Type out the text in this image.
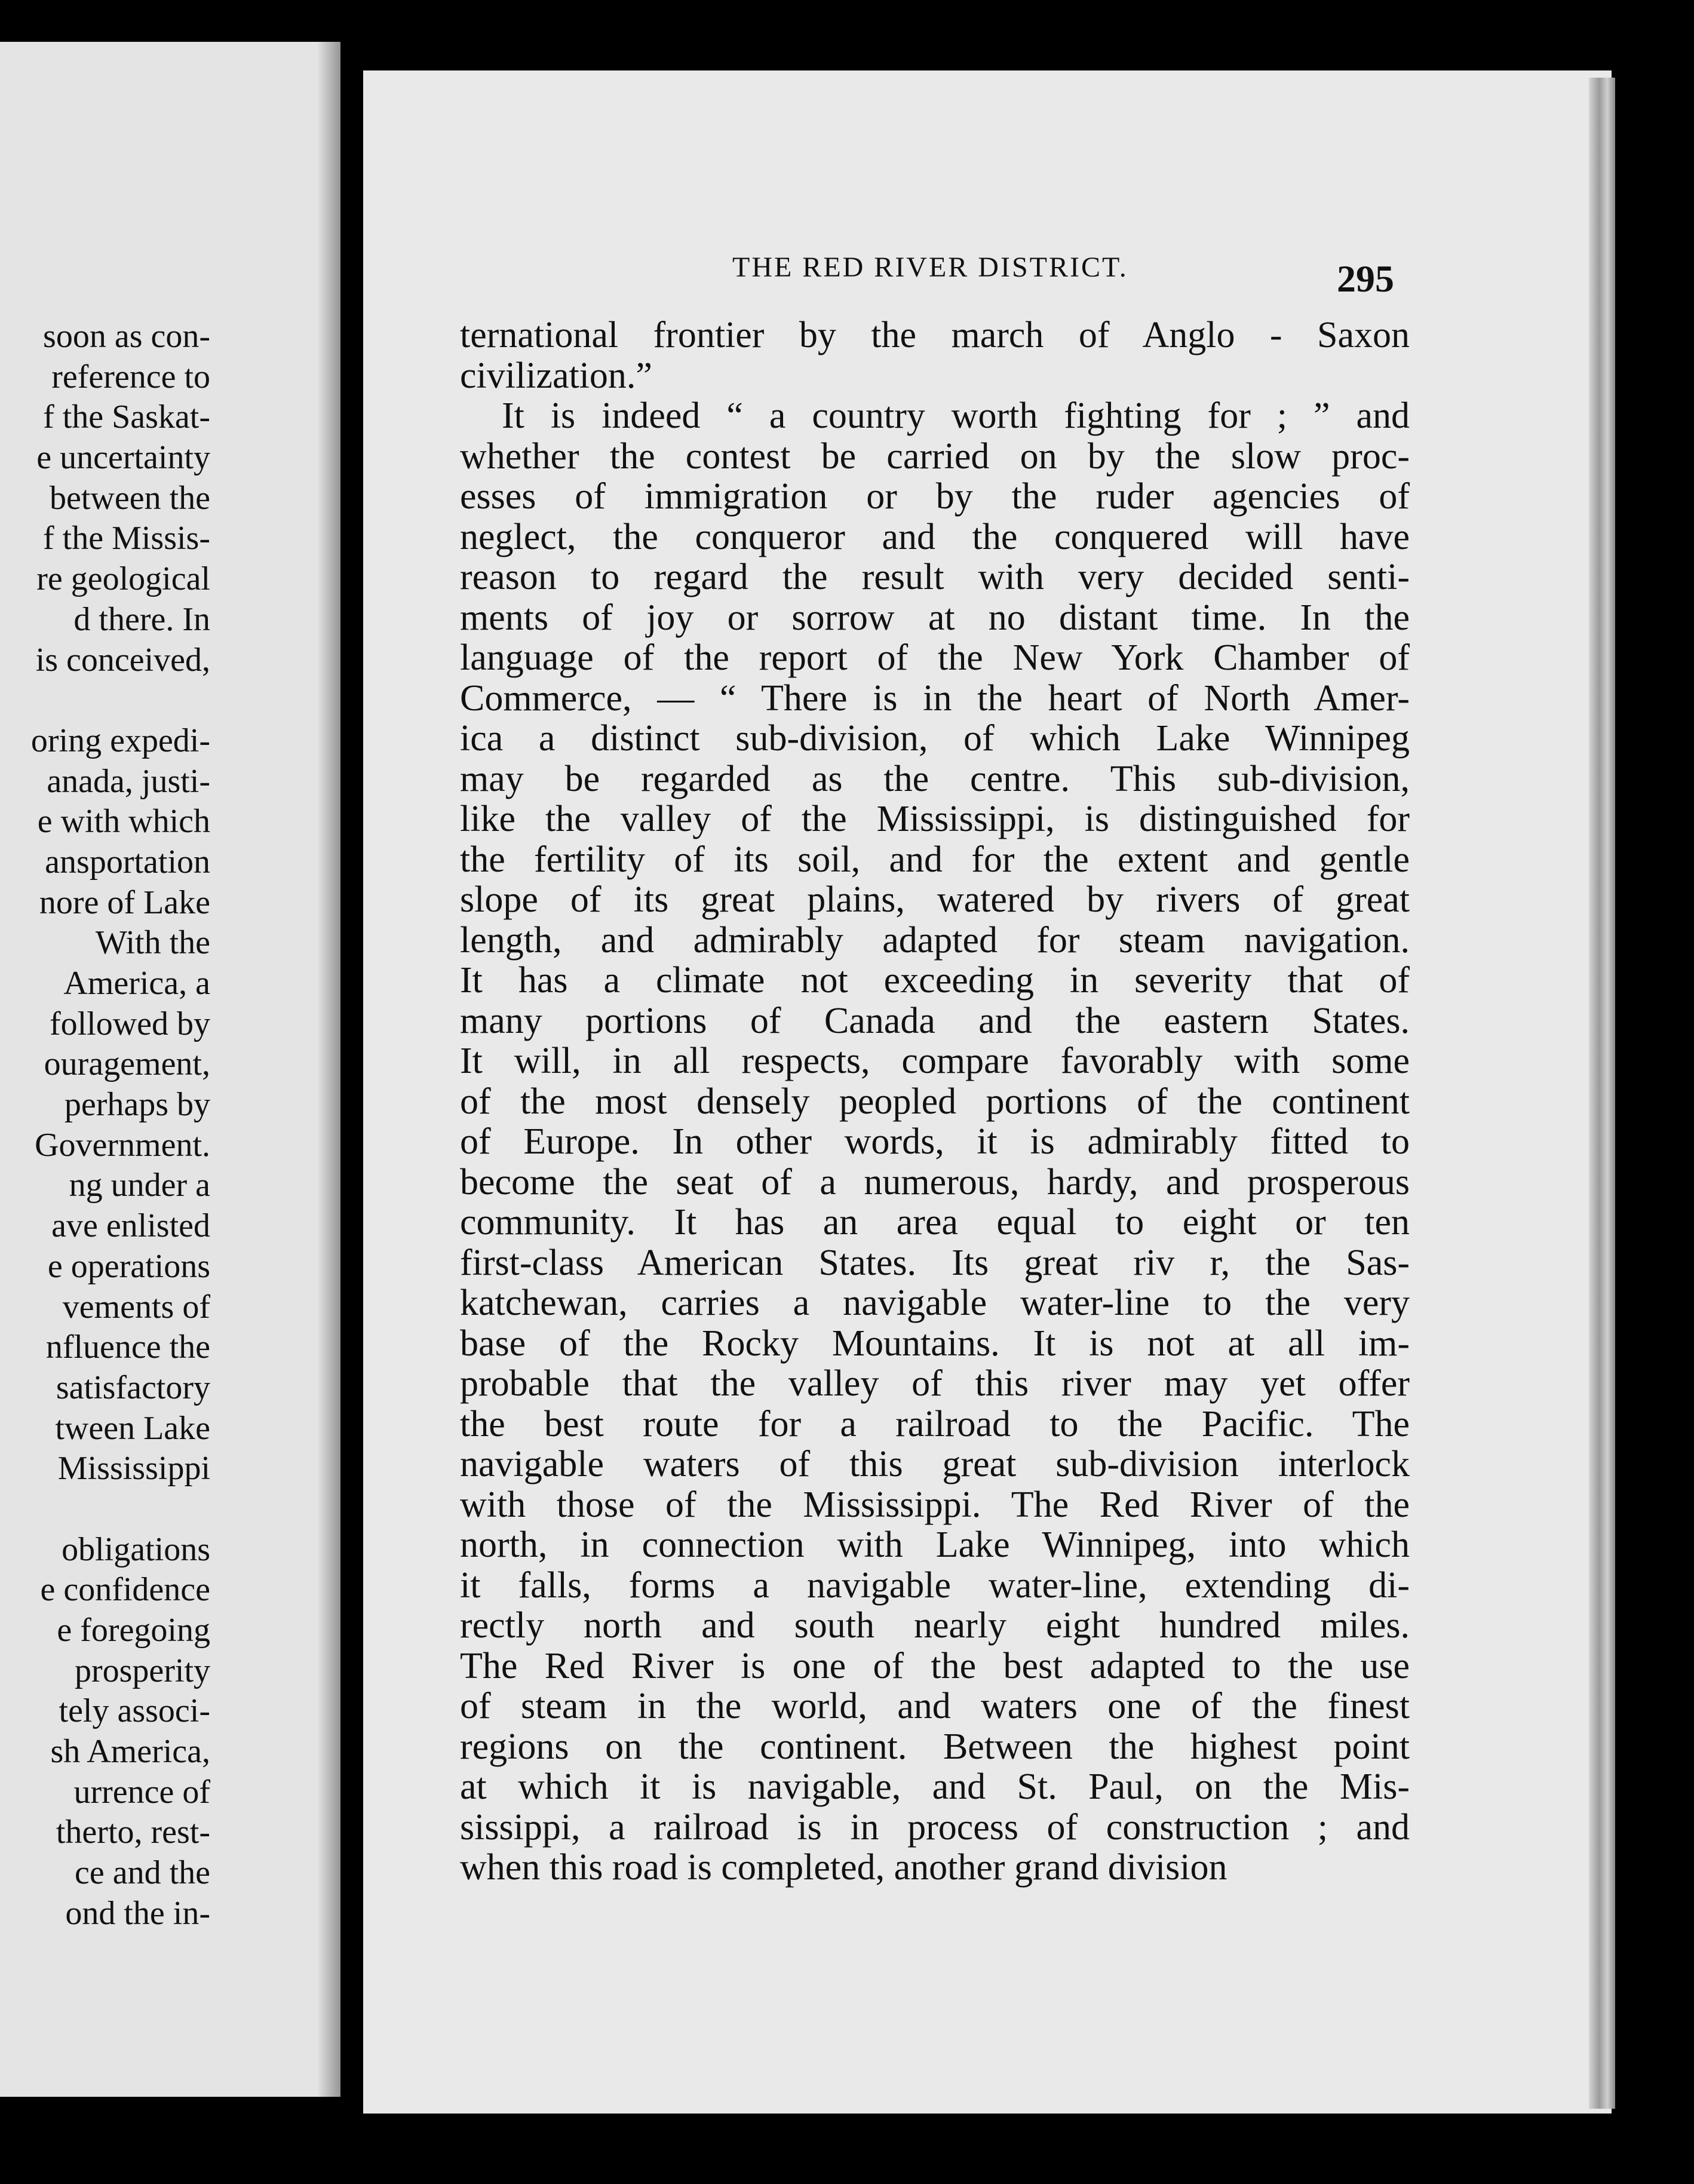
soon as con-
reference to
f the Saskat-
e uncertainty
between the
f the Missis-
re geological
d there. In
is conceived,
oring expedi-
anada, justi-
e with which
ansportation
nore of Lake
With the
America, a
followed by
ouragement,
perhaps by
Government.
ng under a
ave enlisted
e operations
vements of
nfluence the
satisfactory
tween Lake
Mississippi
obligations
e confidence
e foregoing
prosperity
tely associ-
sh America,
urrence of
therto, rest-
ce and the
ond the in-
THE RED RIVER DISTRICT.	295
ternational frontier by the march of Anglo - Saxon
civilization.”
It is indeed “ a country worth fighting for ; ” and
whether the contest be carried on by the slow proc-
esses of immigration or by the ruder agencies of
neglect, the conqueror and the conquered will have
reason to regard the result with very decided senti-
ments of joy or sorrow at no distant time. In the
language of the report of the New York Chamber of
Commerce, — “ There is in the heart of North Amer-
ica a distinct sub-division, of which Lake Winnipeg
may be regarded as the centre. This sub-division,
like the valley of the Mississippi, is distinguished for
the fertility of its soil, and for the extent and gentle
slope of its great plains, watered by rivers of great
length, and admirably adapted for steam navigation.
It has a climate not exceeding in severity that of
many portions of Canada and the eastern States.
It will, in all respects, compare favorably with some
of the most densely peopled portions of the continent
of Europe. In other words, it is admirably fitted to
become the seat of a numerous, hardy, and prosperous
community. It has an area equal to eight or ten
first-class American States. Its great riv r, the Sas-
katchewan, carries a navigable water-line to the very
base of the Rocky Mountains. It is not at all im-
probable that the valley of this river may yet offer
the best route for a railroad to the Pacific. The
navigable waters of this great sub-division interlock
with those of the Mississippi. The Red River of the
north, in connection with Lake Winnipeg, into which
it falls, forms a navigable water-line, extending di-
rectly north and south nearly eight hundred miles.
The Red River is one of the best adapted to the use
of steam in the world, and waters one of the finest
regions on the continent. Between the highest point
at which it is navigable, and St. Paul, on the Mis-
sissippi, a railroad is in process of construction ; and
when this road is completed, another grand division
